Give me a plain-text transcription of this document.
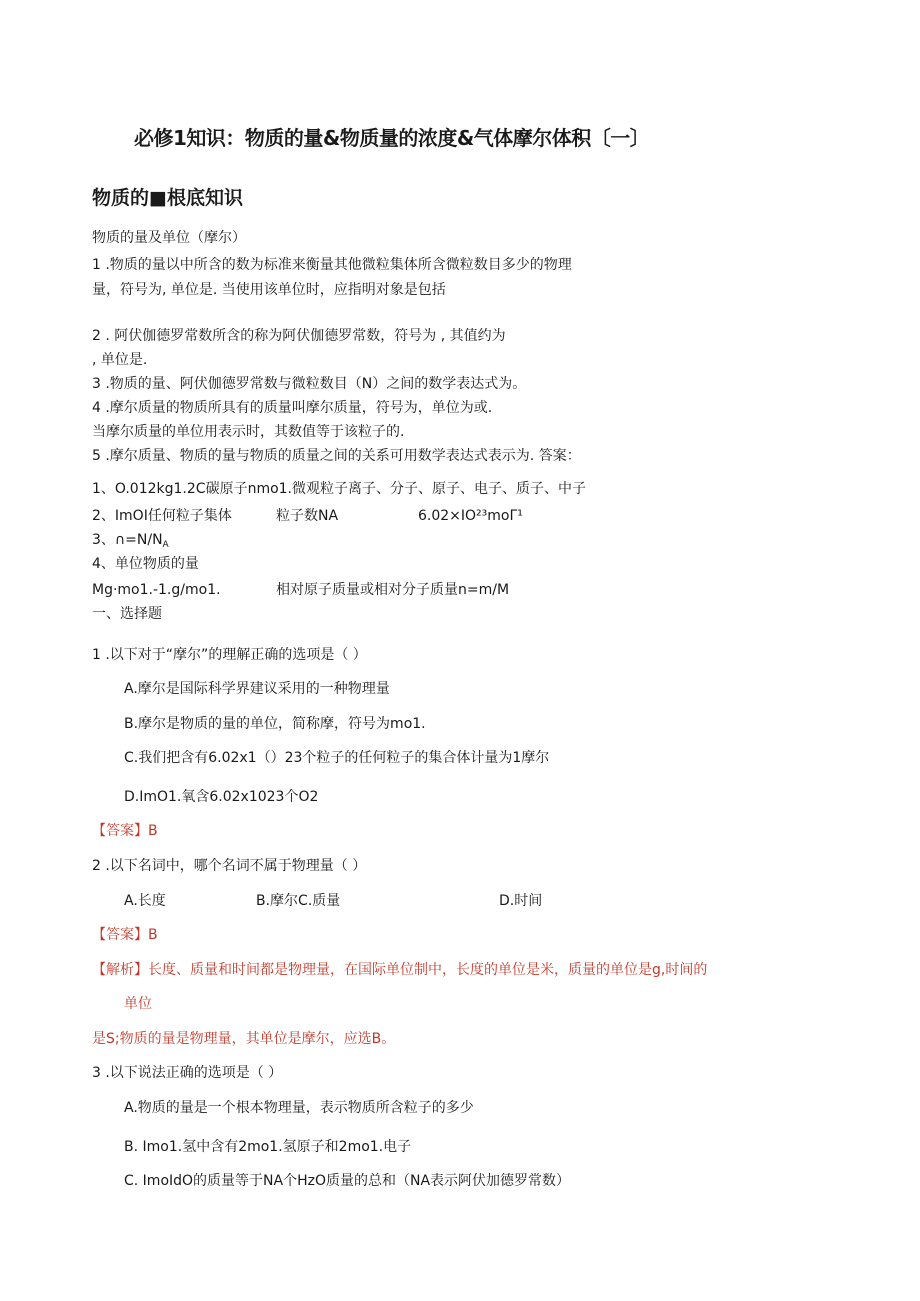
必修1知识：物质的量&物质量的浓度&气体摩尔体积〔一〕
物质的■根底知识
物质的量及单位（摩尔）
1 .物质的量以中所含的数为标准来衡量其他微粒集体所含微粒数目多少的物理
量，符号为, 单位是. 当使用该单位时，应指明对象是包括
2 . 阿伏伽德罗常数所含的称为阿伏伽德罗常数，符号为 , 其值约为
, 单位是.
3 .物质的量、阿伏伽德罗常数与微粒数目（N）之间的数学表达式为。
4 .摩尔质量的物质所具有的质量叫摩尔质量，符号为，单位为或.
当摩尔质量的单位用表示时，其数值等于该粒子的.
5 .摩尔质量、物质的量与物质的质量之间的关系可用数学表达式表示为. 答案：
1、O.012kg1.2C碳原子nmo1.微观粒子离子、分子、原子、电子、质子、中子
2、ImOI任何粒子集体	粒子数NA	6.02×IO²³moΓ¹
3、$\cap=N/N_A$
4、单位物质的量
Mg·mo1.-1.g/mo1.	相对原子质量或相对分子质量n=m/M
一、选择题
1 .以下对于“摩尔”的理解正确的选项是（ ）
A.摩尔是国际科学界建议采用的一种物理量
B.摩尔是物质的量的单位，简称摩，符号为mo1.
C.我们把含有6.02x1（）23个粒子的任何粒子的集合体计量为1摩尔
D.ImO1.氧含6.02x1023个O2
【答案】B
2 .以下名词中，哪个名词不属于物理量（ ）
A.长度	B.摩尔C.质量	D.时间
【答案】B
【解析】长度、质量和时间都是物理量，在国际单位制中，长度的单位是米，质量的单位是g,时间的
单位
是S;物质的量是物理量，其单位是摩尔，应选B。
3 .以下说法正确的选项是（ ）
A.物质的量是一个根本物理量，表示物质所含粒子的多少
B. Imo1.氢中含有2mo1.氢原子和2mo1.电子
C. ImoIdO的质量等于NA个HzO质量的总和（NA表示阿伏加德罗常数）
